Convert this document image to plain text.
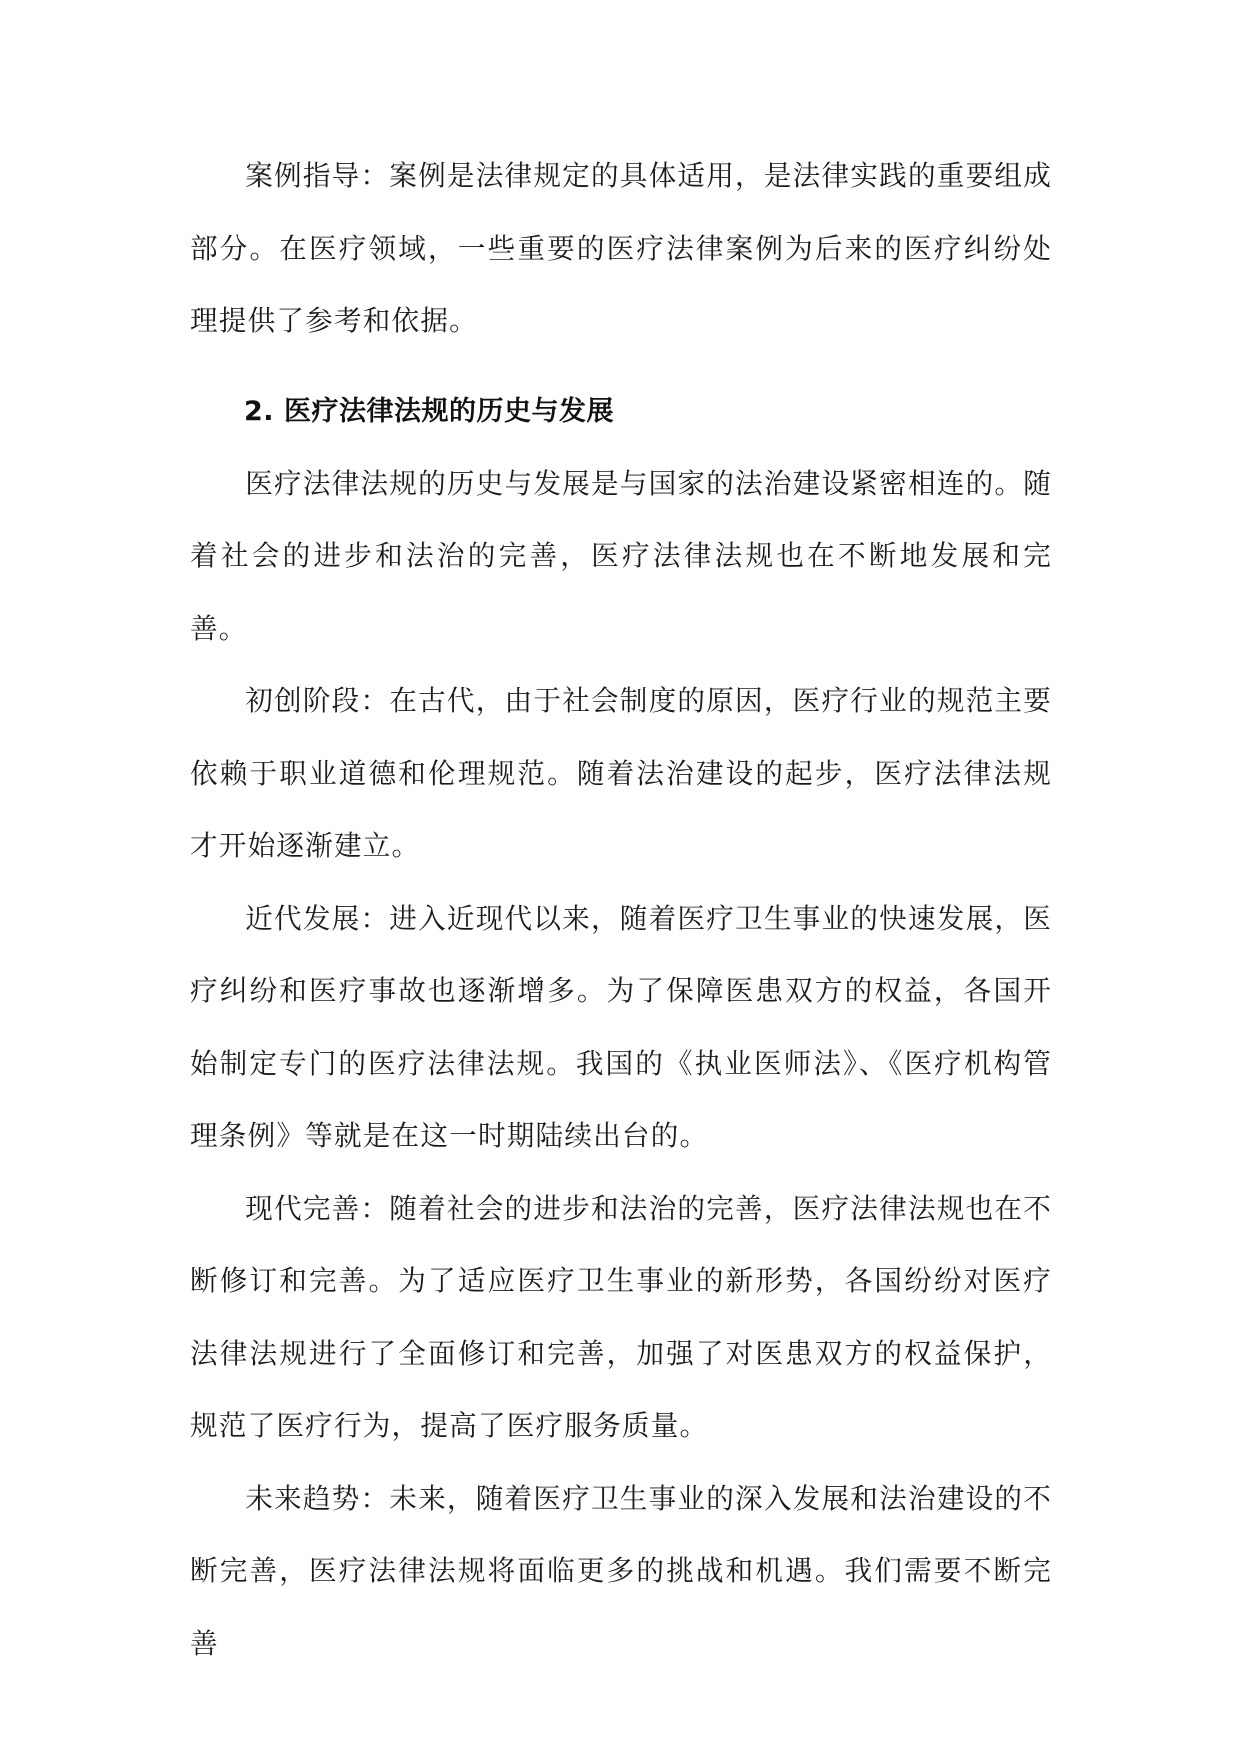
案例指导：案例是法律规定的具体适用，是法律实践的重要组成部分。在医疗领域，一些重要的医疗法律案例为后来的医疗纠纷处理提供了参考和依据。

2. 医疗法律法规的历史与发展

医疗法律法规的历史与发展是与国家的法治建设紧密相连的。随着社会的进步和法治的完善，医疗法律法规也在不断地发展和完善。

初创阶段：在古代，由于社会制度的原因，医疗行业的规范主要依赖于职业道德和伦理规范。随着法治建设的起步，医疗法律法规才开始逐渐建立。

近代发展：进入近现代以来，随着医疗卫生事业的快速发展，医疗纠纷和医疗事故也逐渐增多。为了保障医患双方的权益，各国开始制定专门的医疗法律法规。我国的《执业医师法》、《医疗机构管理条例》等就是在这一时期陆续出台的。

现代完善：随着社会的进步和法治的完善，医疗法律法规也在不断修订和完善。为了适应医疗卫生事业的新形势，各国纷纷对医疗法律法规进行了全面修订和完善，加强了对医患双方的权益保护，规范了医疗行为，提高了医疗服务质量。

未来趋势：未来，随着医疗卫生事业的深入发展和法治建设的不断完善，医疗法律法规将面临更多的挑战和机遇。我们需要不断完善
